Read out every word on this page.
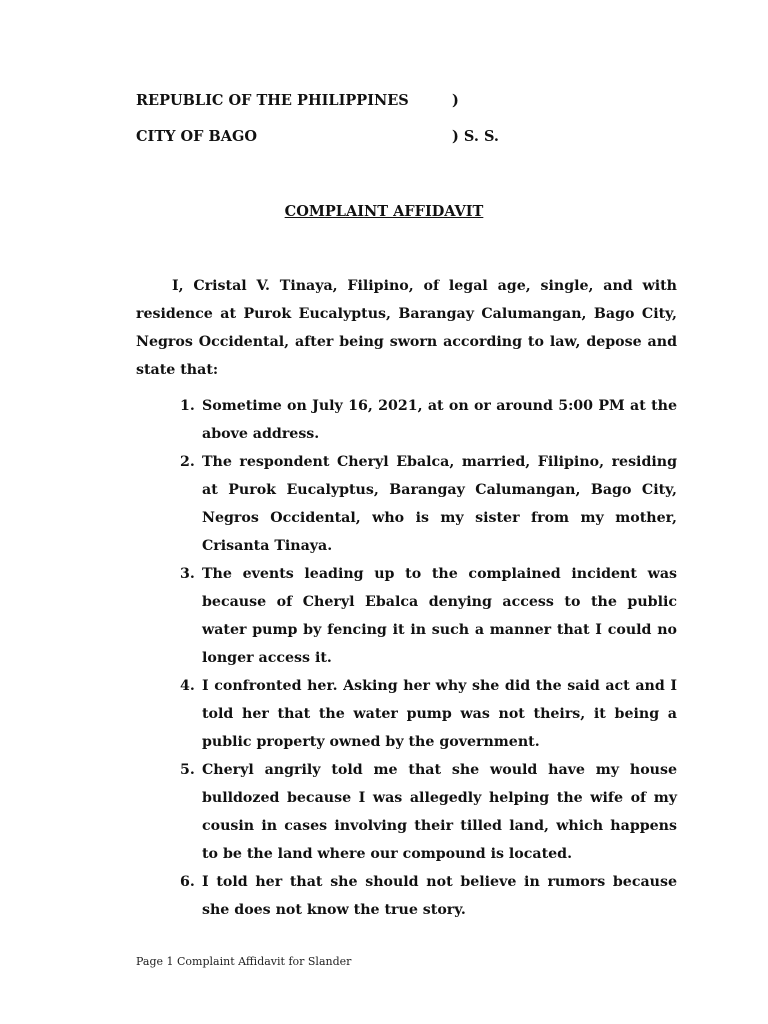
REPUBLIC OF THE PHILIPPINES	)
CITY OF BAGO	) S. S.
COMPLAINT AFFIDAVIT

I, Cristal V. Tinaya, Filipino, of legal age, single, and with residence at Purok Eucalyptus, Barangay Calumangan, Bago City, Negros Occidental, after being sworn according to law, depose and state that:

1. Sometime on July 16, 2021, at on or around 5:00 PM at the above address.
2. The respondent Cheryl Ebalca, married, Filipino, residing at Purok Eucalyptus, Barangay Calumangan, Bago City, Negros Occidental, who is my sister from my mother, Crisanta Tinaya.
3. The events leading up to the complained incident was because of Cheryl Ebalca denying access to the public water pump by fencing it in such a manner that I could no longer access it.
4. I confronted her. Asking her why she did the said act and I told her that the water pump was not theirs, it being a public property owned by the government.
5. Cheryl angrily told me that she would have my house bulldozed because I was allegedly helping the wife of my cousin in cases involving their tilled land, which happens to be the land where our compound is located.
6. I told her that she should not believe in rumors because she does not know the true story.
Page 1 Complaint Affidavit for Slander
